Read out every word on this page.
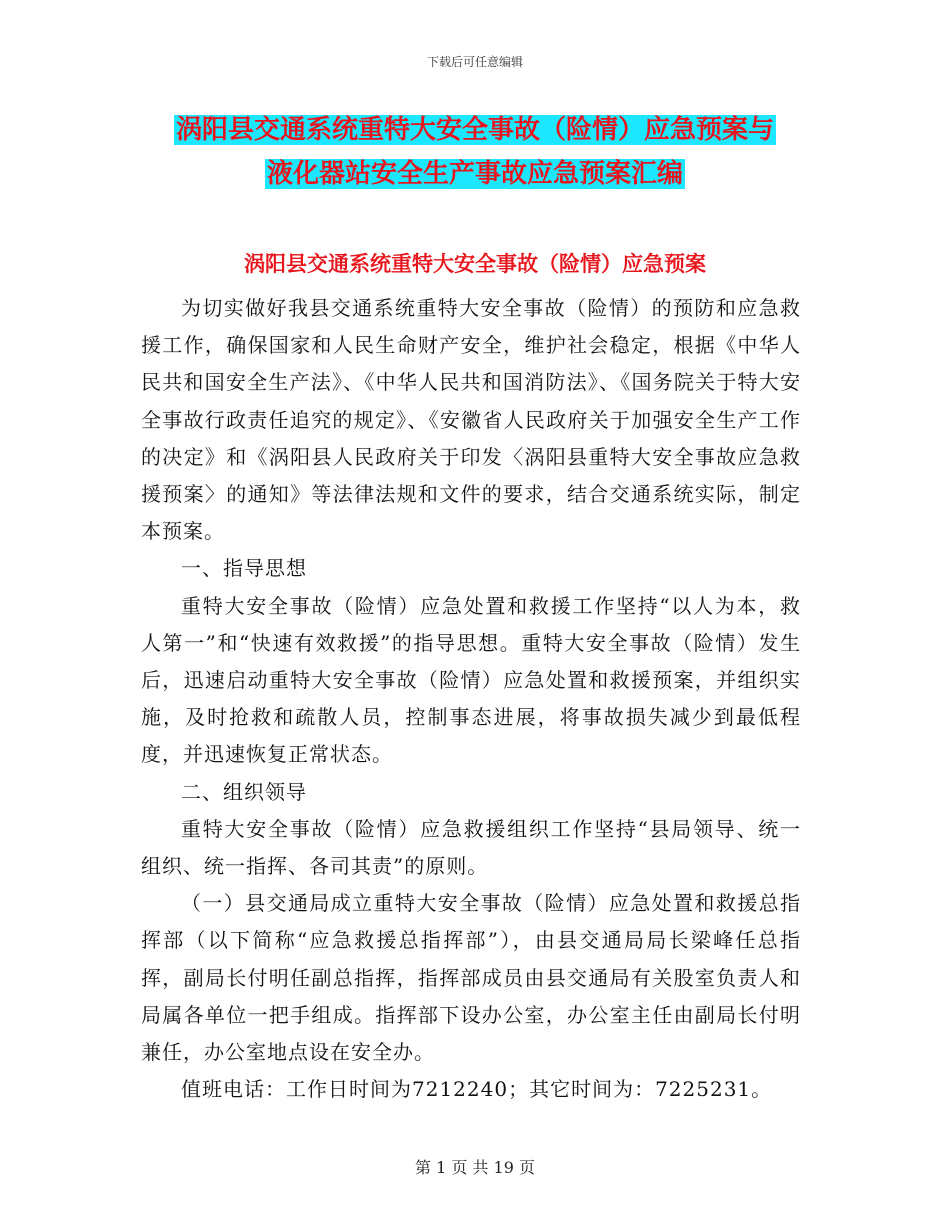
下载后可任意编辑
涡阳县交通系统重特大安全事故（险情）应急预案与
液化器站安全生产事故应急预案汇编
涡阳县交通系统重特大安全事故（险情）应急预案

为切实做好我县交通系统重特大安全事故（险情）的预防和应急救援工作，确保国家和人民生命财产安全，维护社会稳定，根据《中华人民共和国安全生产法》、《中华人民共和国消防法》、《国务院关于特大安全事故行政责任追究的规定》、《安徽省人民政府关于加强安全生产工作的决定》和《涡阳县人民政府关于印发〈涡阳县重特大安全事故应急救援预案〉的通知》等法律法规和文件的要求，结合交通系统实际，制定本预案。

一、指导思想

重特大安全事故（险情）应急处置和救援工作坚持“以人为本，救人第一”和“快速有效救援”的指导思想。重特大安全事故（险情）发生后，迅速启动重特大安全事故（险情）应急处置和救援预案，并组织实施，及时抢救和疏散人员，控制事态进展，将事故损失减少到最低程度，并迅速恢复正常状态。

二、组织领导

重特大安全事故（险情）应急救援组织工作坚持“县局领导、统一组织、统一指挥、各司其责”的原则。

（一）县交通局成立重特大安全事故（险情）应急处置和救援总指挥部（以下简称“应急救援总指挥部”），由县交通局局长梁峰任总指挥，副局长付明任副总指挥，指挥部成员由县交通局有关股室负责人和局属各单位一把手组成。指挥部下设办公室，办公室主任由副局长付明兼任，办公室地点设在安全办。

值班电话：工作日时间为7212240；其它时间为：7225231。

第 1 页 共 19 页
